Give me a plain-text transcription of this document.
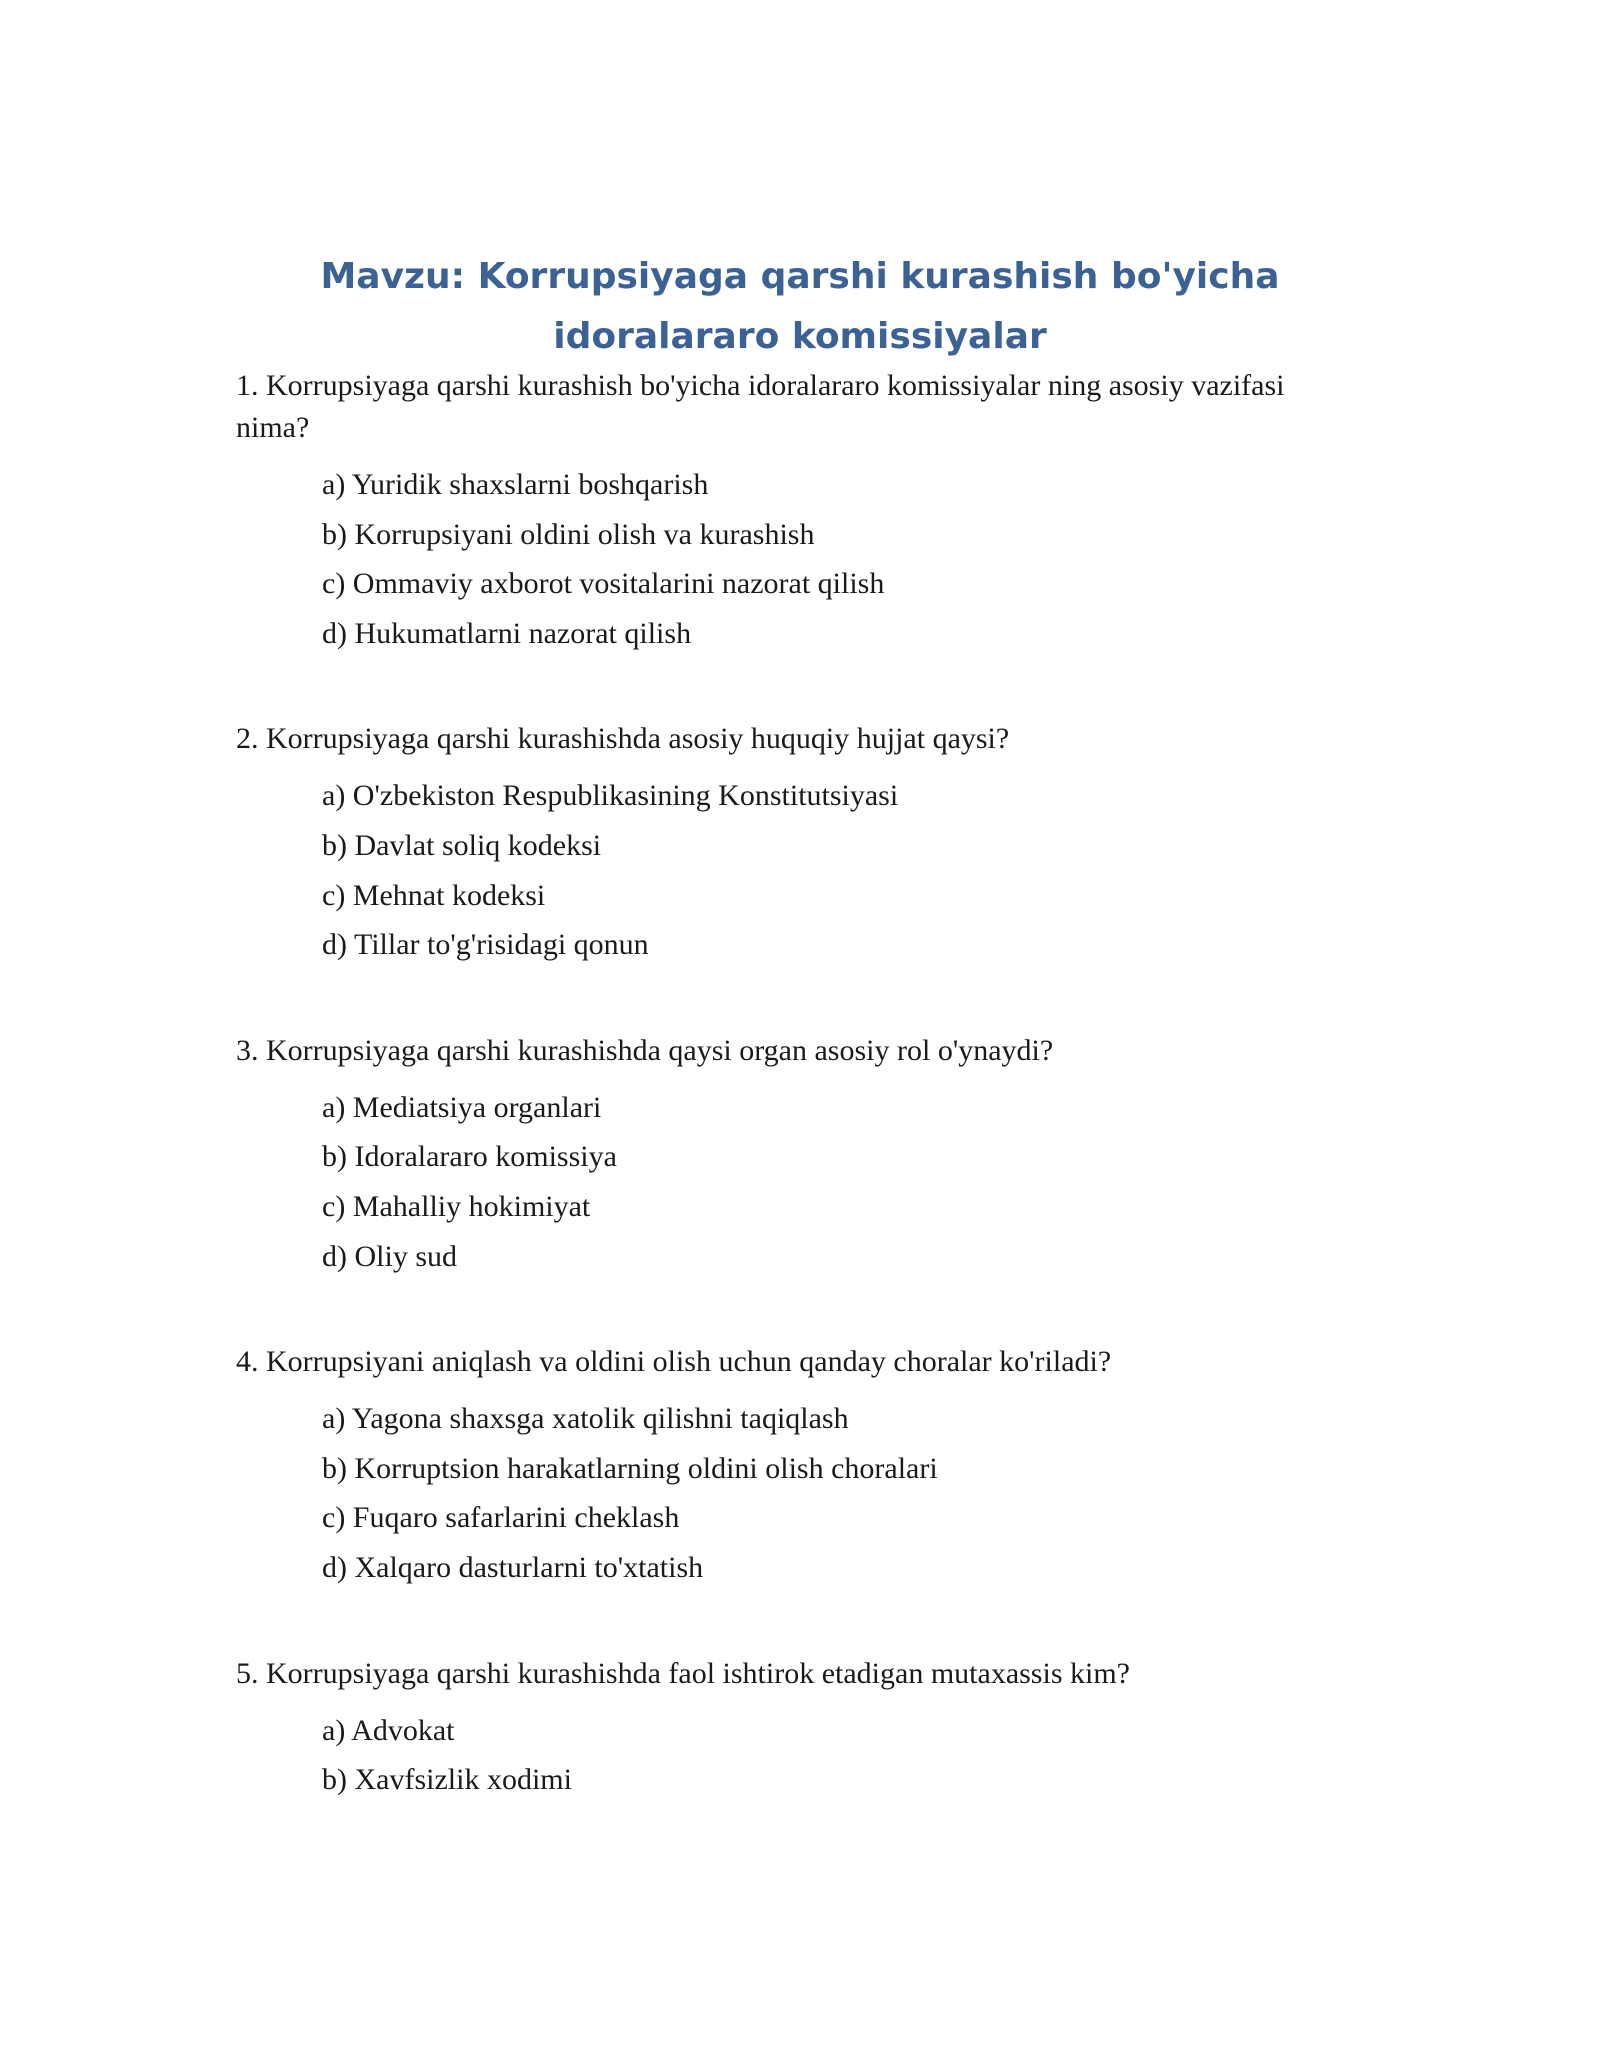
Mavzu: Korrupsiyaga qarshi kurashish bo'yicha idoralararo komissiyalar

1. Korrupsiyaga qarshi kurashish bo'yicha idoralararo komissiyalar ning asosiy vazifasi nima?

a) Yuridik shaxslarni boshqarish
b) Korrupsiyani oldini olish va kurashish
c) Ommaviy axborot vositalarini nazorat qilish
d) Hukumatlarni nazorat qilish

2. Korrupsiyaga qarshi kurashishda asosiy huquqiy hujjat qaysi?

a) O'zbekiston Respublikasining Konstitutsiyasi
b) Davlat soliq kodeksi
c) Mehnat kodeksi
d) Tillar to'g'risidagi qonun

3. Korrupsiyaga qarshi kurashishda qaysi organ asosiy rol o'ynaydi?

a) Mediatsiya organlari
b) Idoralararo komissiya
c) Mahalliy hokimiyat
d) Oliy sud

4. Korrupsiyani aniqlash va oldini olish uchun qanday choralar ko'riladi?

a) Yagona shaxsga xatolik qilishni taqiqlash
b) Korruptsion harakatlarning oldini olish choralari
c) Fuqaro safarlarini cheklash
d) Xalqaro dasturlarni to'xtatish

5. Korrupsiyaga qarshi kurashishda faol ishtirok etadigan mutaxassis kim?

a) Advokat
b) Xavfsizlik xodimi
